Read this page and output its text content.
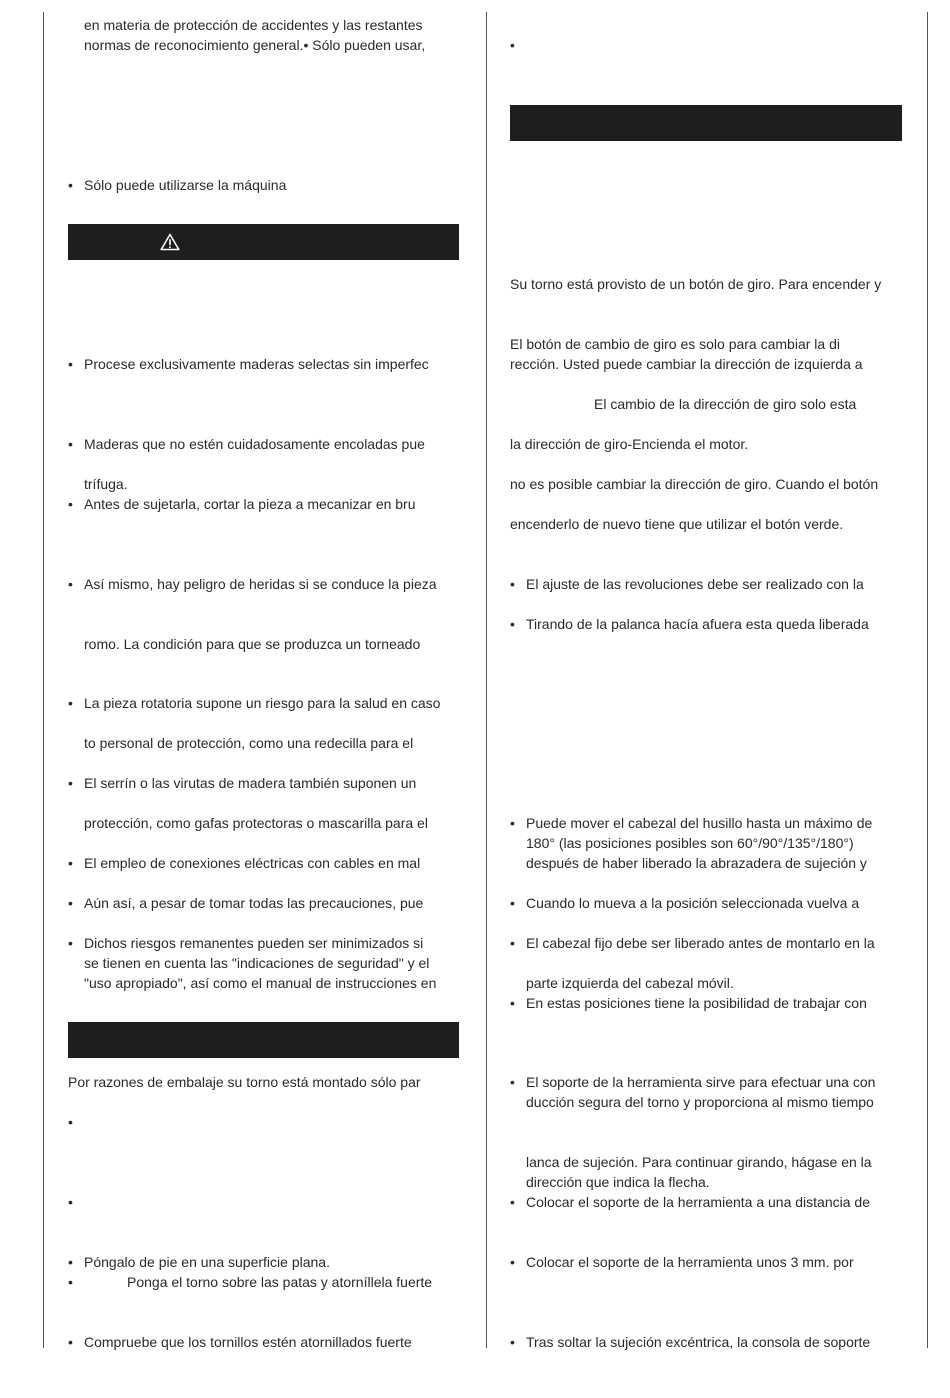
en materia de protección de accidentes y las restantes
normas de reconocimiento general.• Sólo pueden usar,
• Sólo puede utilizarse la máquina
• Procese exclusivamente maderas selectas sin imperfec
• Maderas que no estén cuidadosamente encoladas pue
trífuga.
• Antes de sujetarla, cortar la pieza a mecanizar en bru
• Así mismo, hay peligro de heridas si se conduce la pieza
romo. La condición para que se produzca un torneado
• La pieza rotatoria supone un riesgo para la salud en caso
to personal de protección, como una redecilla para el
• El serrín o las virutas de madera también suponen un
protección, como gafas protectoras o mascarilla para el
• El empleo de conexiones eléctricas con cables en mal
• Aún así, a pesar de tomar todas las precauciones, pue
• Dichos riesgos remanentes pueden ser minimizados si
se tienen en cuenta las "indicaciones de seguridad" y el
"uso apropiado", así como el manual de instrucciones en
Por razones de embalaje su torno está montado sólo par
•
•
• Póngalo de pie en una superficie plana.
•	Ponga el torno sobre las patas y atorníllela fuerte
• Compruebe que los tornillos estén atornillados fuerte
•
Su torno está provisto de un botón de giro. Para encender y
El botón de cambio de giro es solo para cambiar la di
rección. Usted puede cambiar la dirección de izquierda a
El cambio de la dirección de giro solo esta
la dirección de giro-Encienda el motor.
no es posible cambiar la dirección de giro. Cuando el botón
encenderlo de nuevo tiene que utilizar el botón verde.
• El ajuste de las revoluciones debe ser realizado con la
• Tirando de la palanca hacía afuera esta queda liberada
• Puede mover el cabezal del husillo hasta un máximo de
180° (las posiciones posibles son 60°/90°/135°/180°)
después de haber liberado la abrazadera de sujeción y
• Cuando lo mueva a la posición seleccionada vuelva a
• El cabezal fijo debe ser liberado antes de montarlo en la
parte izquierda del cabezal móvil.
• En estas posiciones tiene la posibilidad de trabajar con
• El soporte de la herramienta sirve para efectuar una con
ducción segura del torno y proporciona al mismo tiempo
lanca de sujeción. Para continuar girando, hágase en la
dirección que indica la flecha.
• Colocar el soporte de la herramienta a una distancia de
• Colocar el soporte de la herramienta unos 3 mm. por
• Tras soltar la sujeción excéntrica, la consola de soporte
